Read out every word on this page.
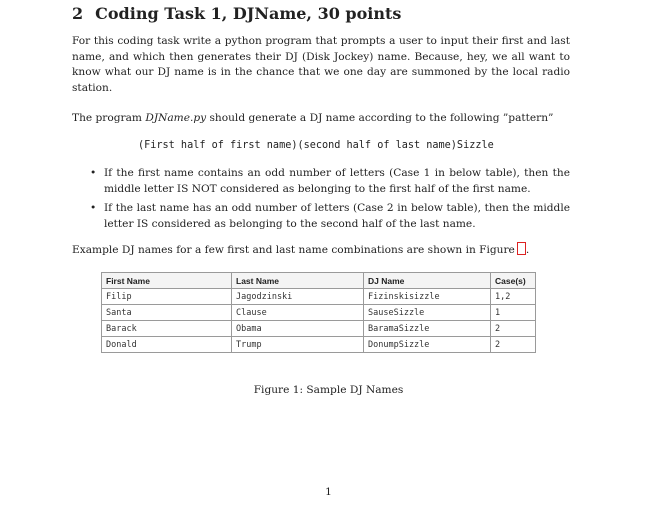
2 Coding Task 1, DJName, 30 points
For this coding task write a python program that prompts a user to input their first and last name, and which then generates their DJ (Disk Jockey) name. Because, hey, we all want to know what our DJ name is in the chance that we one day are summoned by the local radio station.
The program DJName.py should generate a DJ name according to the following ”pattern”
(First half of first name)(second half of last name)Sizzle
• If the first name contains an odd number of letters (Case 1 in below table), then the middle letter IS NOT considered as belonging to the first half of the first name.
• If the last name has an odd number of letters (Case 2 in below table), then the middle letter IS considered as belonging to the second half of the last name.
Example DJ names for a few first and last name combinations are shown in Figure .
First Name	Last Name	DJ Name	Case(s)
Filip	Jagodzinski	Fizinskisizzle	1,2
Santa	Clause	SauseSizzle	1
Barack	Obama	BaramaSizzle	2
Donald	Trump	DonumpSizzle	2
Figure 1: Sample DJ Names
1
